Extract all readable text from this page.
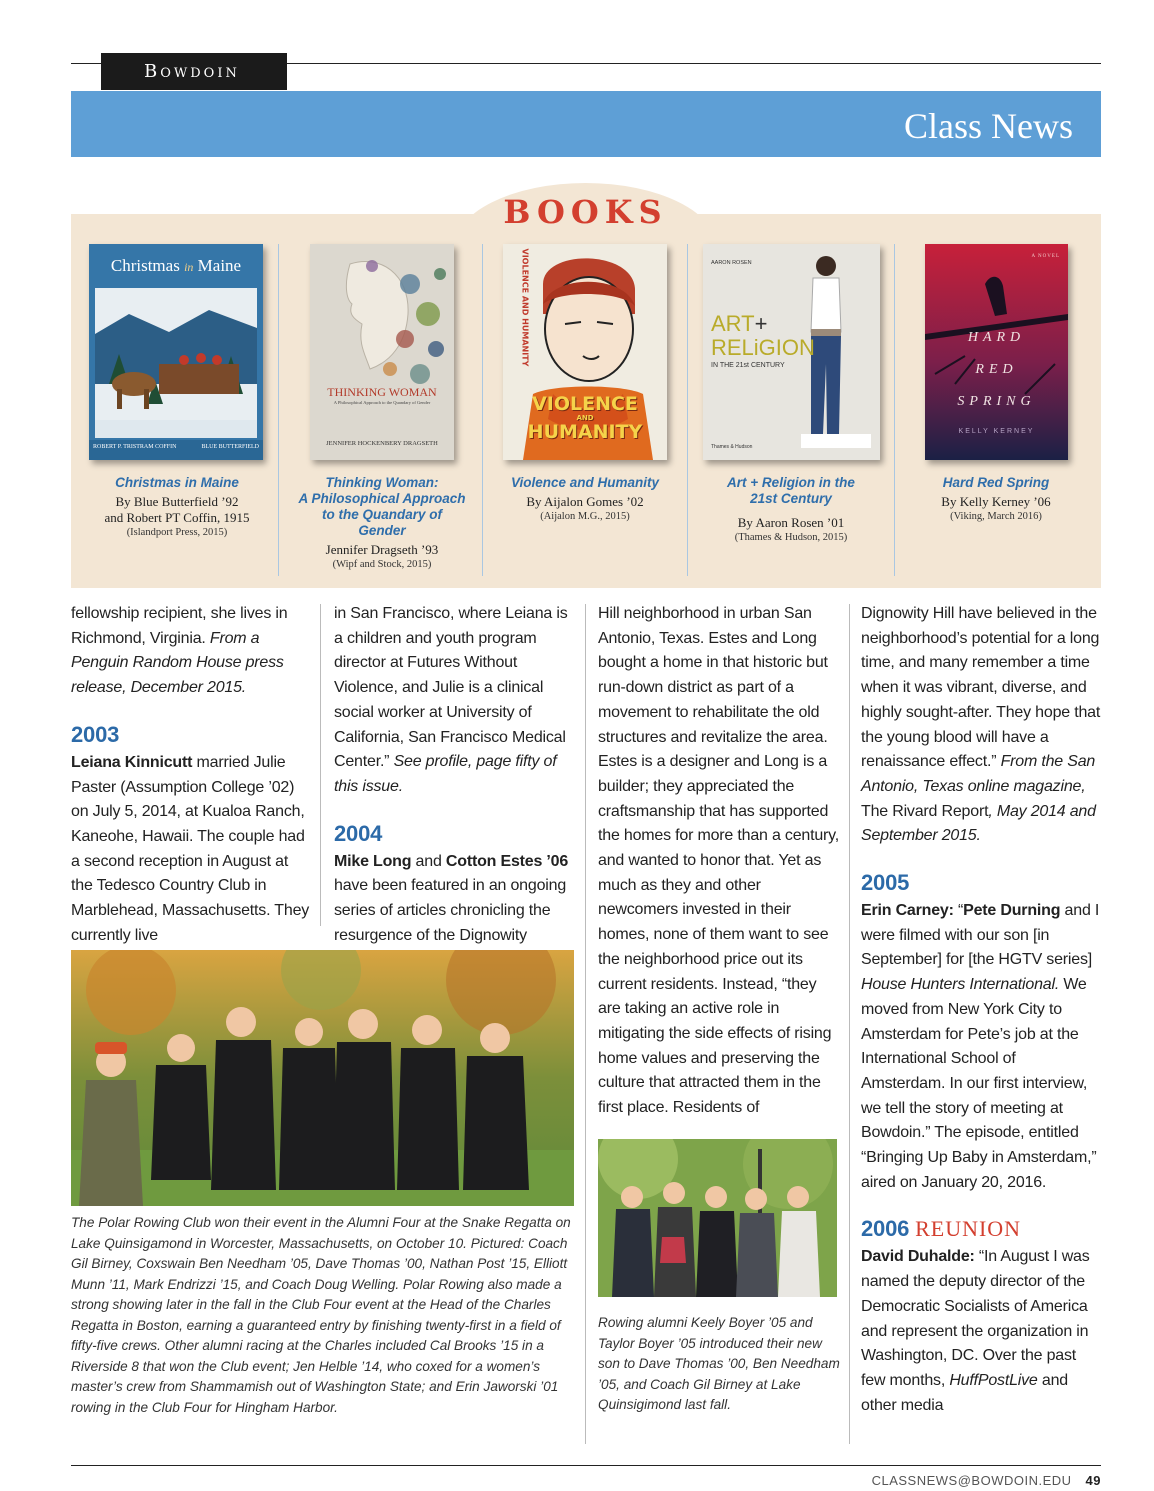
Bowdoin
Class News
BOOKS
Christmas in Maine
ROBERT P. TRISTRAM COFFIN	BLUE BUTTERFIELD
THINKING WOMAN
A Philosophical Approach to the Quandary of Gender
JENNIFER HOCKENBERY DRAGSETH
VIOLENCE
AND
HUMANITY
VIOLENCE AND HUMANITY	AARON ROSEN
ART+
RELiGION
IN THE 21st CENTURY
Thames & Hudson
A NOVEL
HARD
RED
SPRING
KELLY KERNEY
Christmas in Maine
By Blue Butterfield ’92
and Robert PT Coffin, 1915
(Islandport Press, 2015)
Thinking Woman:
A Philosophical Approach
to the Quandary of
Gender
Jennifer Dragseth ’93
(Wipf and Stock, 2015)
Violence and Humanity
By Aijalon Gomes ’02
(Aijalon M.G., 2015)
Art + Religion in the
21st Century
By Aaron Rosen ’01
(Thames & Hudson, 2015)
Hard Red Spring
By Kelly Kerney ’06
(Viking, March 2016)

fellowship recipient, she lives in Richmond, Virginia. From a Penguin Random House press release, December 2015.

2003

Leiana Kinnicutt married Julie Paster (Assumption College ’02) on July 5, 2014, at Kualoa Ranch, Kaneohe, Hawaii. The couple had a second reception in August at the Tedesco Country Club in Marblehead, Massachusetts. They currently live

in San Francisco, where Leiana is a children and youth program director at Futures Without Violence, and Julie is a clinical social worker at University of California, San Francisco Medical Center.” See profile, page fifty of this issue.

2004

Mike Long and Cotton Estes ’06 have been featured in an ongoing series of articles chronicling the resurgence of the Dignowity

Hill neighborhood in urban San Antonio, Texas. Estes and Long bought a home in that historic but run-down district as part of a movement to rehabilitate the old structures and revitalize the area. Estes is a designer and Long is a builder; they appreciated the craftsmanship that has supported the homes for more than a century, and wanted to honor that. Yet as much as they and other newcomers invested in their homes, none of them want to see the neighborhood price out its current residents. Instead, “they are taking an active role in mitigating the side effects of rising home values and preserving the culture that attracted them in the first place. Residents of

Dignowity Hill have believed in the neighborhood’s potential for a long time, and many remember a time when it was vibrant, diverse, and highly sought-after. They hope that the young blood will have a renaissance effect.” From the San Antonio, Texas online magazine, The Rivard Report, May 2014 and September 2015.

2005

Erin Carney: “Pete Durning and I were filmed with our son [in September] for [the HGTV series] House Hunters International. We moved from New York City to Amsterdam for Pete’s job at the International School of Amsterdam. In our first interview, we tell the story of meeting at Bowdoin.” The episode, entitled “Bringing Up Baby in Amsterdam,” aired on January 20, 2016.

2006 REUNION

David Duhalde: “In August I was named the deputy director of the Democratic Socialists of America and represent the organization in Washington, DC. Over the past few months, HuffPostLive and other media

The Polar Rowing Club won their event in the Alumni Four at the Snake Regatta on Lake Quinsigamond in Worcester, Massachusetts, on October 10. Pictured: Coach Gil Birney, Coxswain Ben Needham ’05, Dave Thomas ’00, Nathan Post ’15, Elliott Munn ’11, Mark Endrizzi ’15, and Coach Doug Welling. Polar Rowing also made a strong showing later in the fall in the Club Four event at the Head of the Charles Regatta in Boston, earning a guaranteed entry by finishing twenty-first in a field of fifty-five crews. Other alumni racing at the Charles included Cal Brooks ’15 in a Riverside 8 that won the Club event; Jen Helble ’14, who coxed for a women’s master’s crew from Shammamish out of Washington State; and Erin Jaworski ’01 rowing in the Club Four for Hingham Harbor.
Rowing alumni Keely Boyer ’05 and Taylor Boyer ’05 introduced their new son to Dave Thomas ’00, Ben Needham ’05, and Coach Gil Birney at Lake Quinsigimond last fall.
CLASSNEWS@BOWDOIN.EDU 49
